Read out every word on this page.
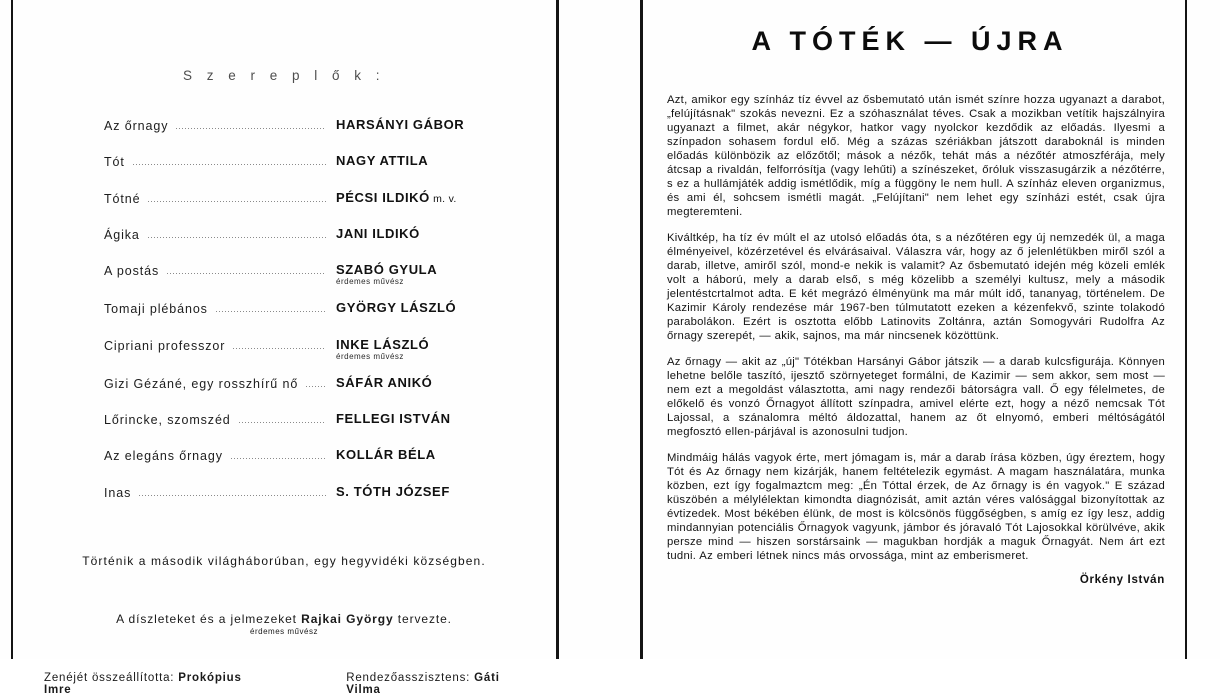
S z e r e p l ő k :
Az őrnagy	HARSÁNYI GÁBOR
Tót	NAGY ATTILA
Tótné	PÉCSI ILDIKÓ m. v.
Ágika	JANI ILDIKÓ
A postás	SZABÓ GYULA
érdemes művész
Tomaji plébános	GYÖRGY LÁSZLÓ
Cipriani professzor	INKE LÁSZLÓ
érdemes művész
Gizi Gézáné, egy rosszhírű nő	SÁFÁR ANIKÓ
Lőrincke, szomszéd	FELLEGI ISTVÁN
Az elegáns őrnagy	KOLLÁR BÉLA
Inas	S. TÓTH JÓZSEF
Történik a második világháborúban, egy hegyvidéki községben.
A díszleteket és a jelmezeket Rajkai György tervezte.
érdemes művész
Zenéjét összeállította: Prokópius Imre
Rendezőasszisztens: Gáti Vilma
A TÓTÉK — ÚJRA

Azt, amikor egy színház tíz évvel az ősbemutató után ismét színre hozza ugyanazt a darabot, „felújításnak" szokás nevezni. Ez a szóhasználat téves. Csak a mozikban vetítik hajszálnyira ugyanazt a filmet, akár négykor, hatkor vagy nyolckor kezdődik az előadás. Ilyesmi a színpadon sohasem fordul elő. Még a százas szériákban játszott daraboknál is minden előadás különbözik az előzőtől; mások a nézők, tehát más a nézőtér atmoszférája, mely átcsap a rivaldán, felforrósítja (vagy lehűti) a színészeket, őróluk visszasugárzik a nézőtérre, s ez a hullámjáték addig ismétlődik, míg a függöny le nem hull. A színház eleven organizmus, és ami él, sohcsem ismétli magát. „Felújítani" nem lehet egy színházi estét, csak újra megteremteni.

Kiváltkép, ha tíz év múlt el az utolsó előadás óta, s a nézőtéren egy új nemzedék ül, a maga élményeivel, közérzetével és elvárásaival. Válaszra vár, hogy az ő jelenlétükben miről szól a darab, illetve, amiről szól, mond-e nekik is valamit? Az ősbemutató idején még közeli emlék volt a háború, mely a darab első, s még közelibb a személyi kultusz, mely a második jelentéstcrtalmot adta. E két megrázó élményünk ma már múlt idő, tananyag, történelem. De Kazimir Károly rendezése már 1967-ben túlmutatott ezeken a kézenfekvő, szinte tolakodó parabolákon. Ezért is osztotta előbb Latinovits Zoltánra, aztán Somogyvári Rudolfra Az őrnagy szerepét, — akik, sajnos, ma már nincsenek közöttünk.

Az őrnagy — akit az „új" Tótékban Harsányi Gábor játszik — a darab kulcsfigurája. Könnyen lehetne belőle taszító, ijesztő szörnyeteget formálni, de Kazimir — sem akkor, sem most — nem ezt a megoldást választotta, ami nagy rendezői bátorságra vall. Ő egy félelmetes, de előkelő és vonzó Őrnagyot állított színpadra, amivel elérte ezt, hogy a néző nemcsak Tót Lajossal, a szánalomra méltó áldozattal, hanem az őt elnyomó, emberi méltóságától megfosztó ellen-párjával is azonosulni tudjon.

Mindmáig hálás vagyok érte, mert jómagam is, már a darab írása közben, úgy éreztem, hogy Tót és Az őrnagy nem kizárják, hanem feltételezik egymást. A magam használatára, munka közben, ezt így fogalmaztcm meg: „Én Tóttal érzek, de Az őrnagy is én vagyok." E század küszöbén a mélylélektan kimondta diagnózisát, amit aztán véres valósággal bizonyítottak az évtizedek. Most békében élünk, de most is kölcsönös függőségben, s amíg ez így lesz, addig mindannyian potenciális Őrnagyok vagyunk, jámbor és jóravaló Tót Lajosokkal körülvéve, akik persze mind — hiszen sorstársaink — magukban hordják a maguk Őrnagyát. Nem árt ezt tudni. Az emberi létnek nincs más orvossága, mint az emberismeret.

Örkény István
